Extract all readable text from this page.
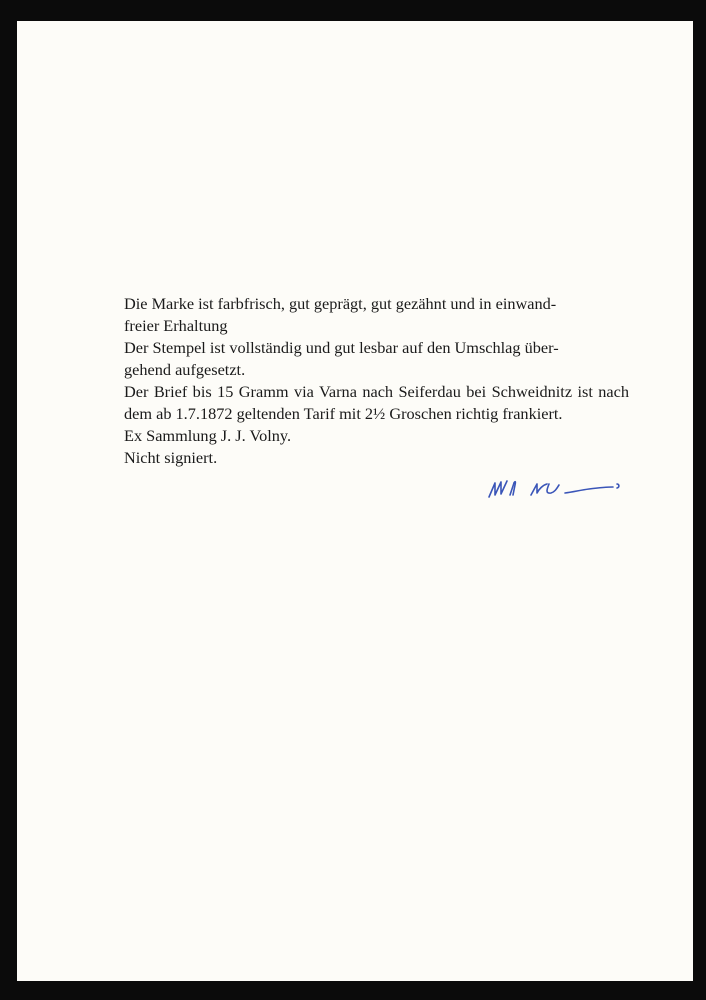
Die Marke ist farbfrisch, gut geprägt, gut gezähnt und in einwand-
freier Erhaltung

Der Stempel ist vollständig und gut lesbar auf den Umschlag über-
gehend aufgesetzt.

Der Brief bis 15 Gramm via Varna nach Seiferdau bei Schweidnitz ist nach dem ab 1.7.1872 geltenden Tarif mit 2½ Groschen richtig frankiert.

Ex Sammlung J. J. Volny.

Nicht signiert.
